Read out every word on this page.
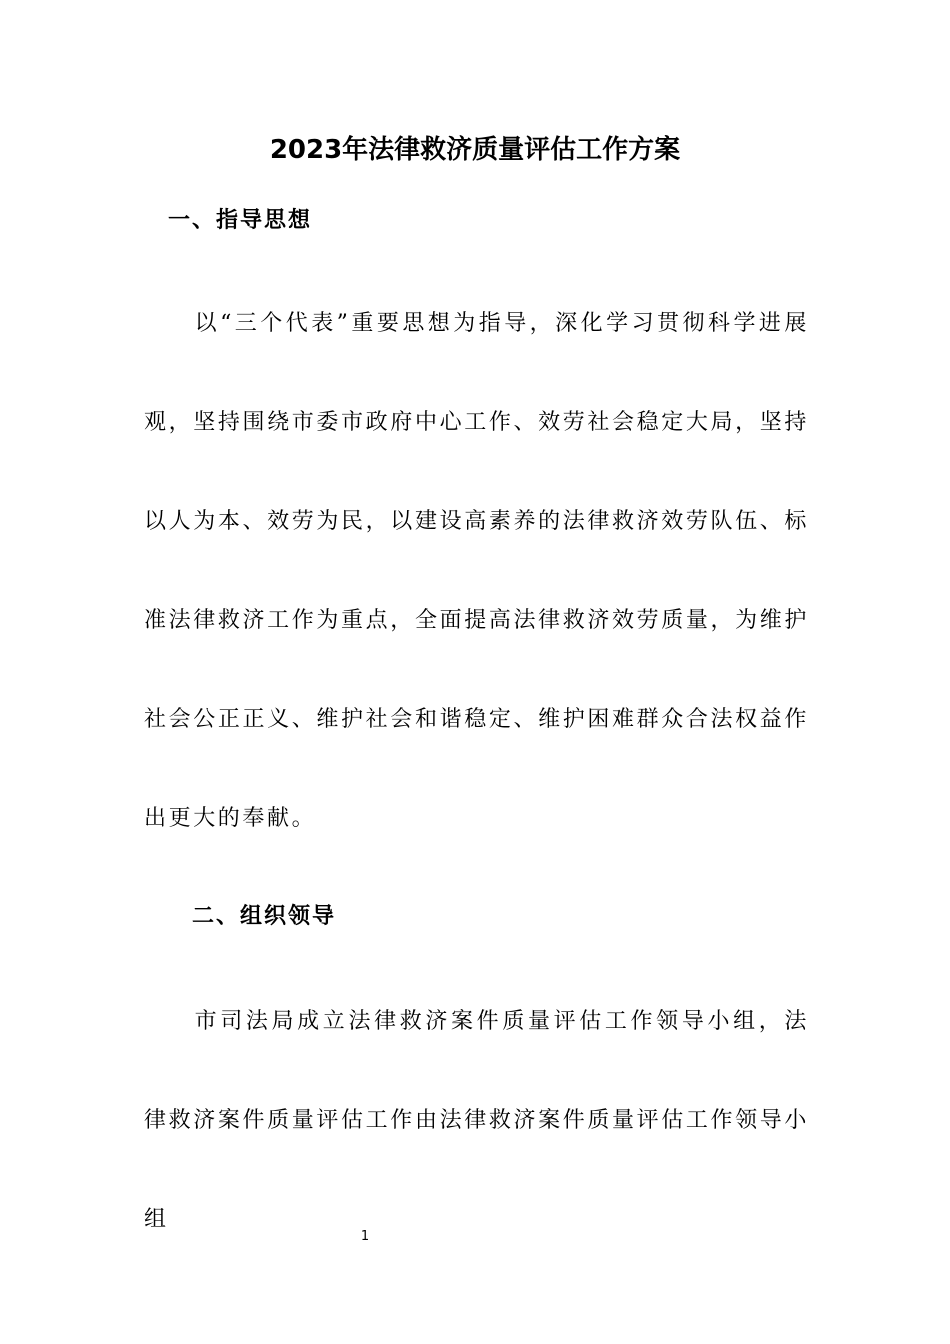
2023年法律救济质量评估工作方案
一、指导思想

以“三个代表”重要思想为指导，深化学习贯彻科学进展观，坚持围绕市委市政府中心工作、效劳社会稳定大局，坚持以人为本、效劳为民，以建设高素养的法律救济效劳队伍、标准法律救济工作为重点，全面提高法律救济效劳质量，为维护社会公正正义、维护社会和谐稳定、维护困难群众合法权益作出更大的奉献。

二、组织领导

市司法局成立法律救济案件质量评估工作领导小组，法律救济案件质量评估工作由法律救济案件质量评估工作领导小组

1
